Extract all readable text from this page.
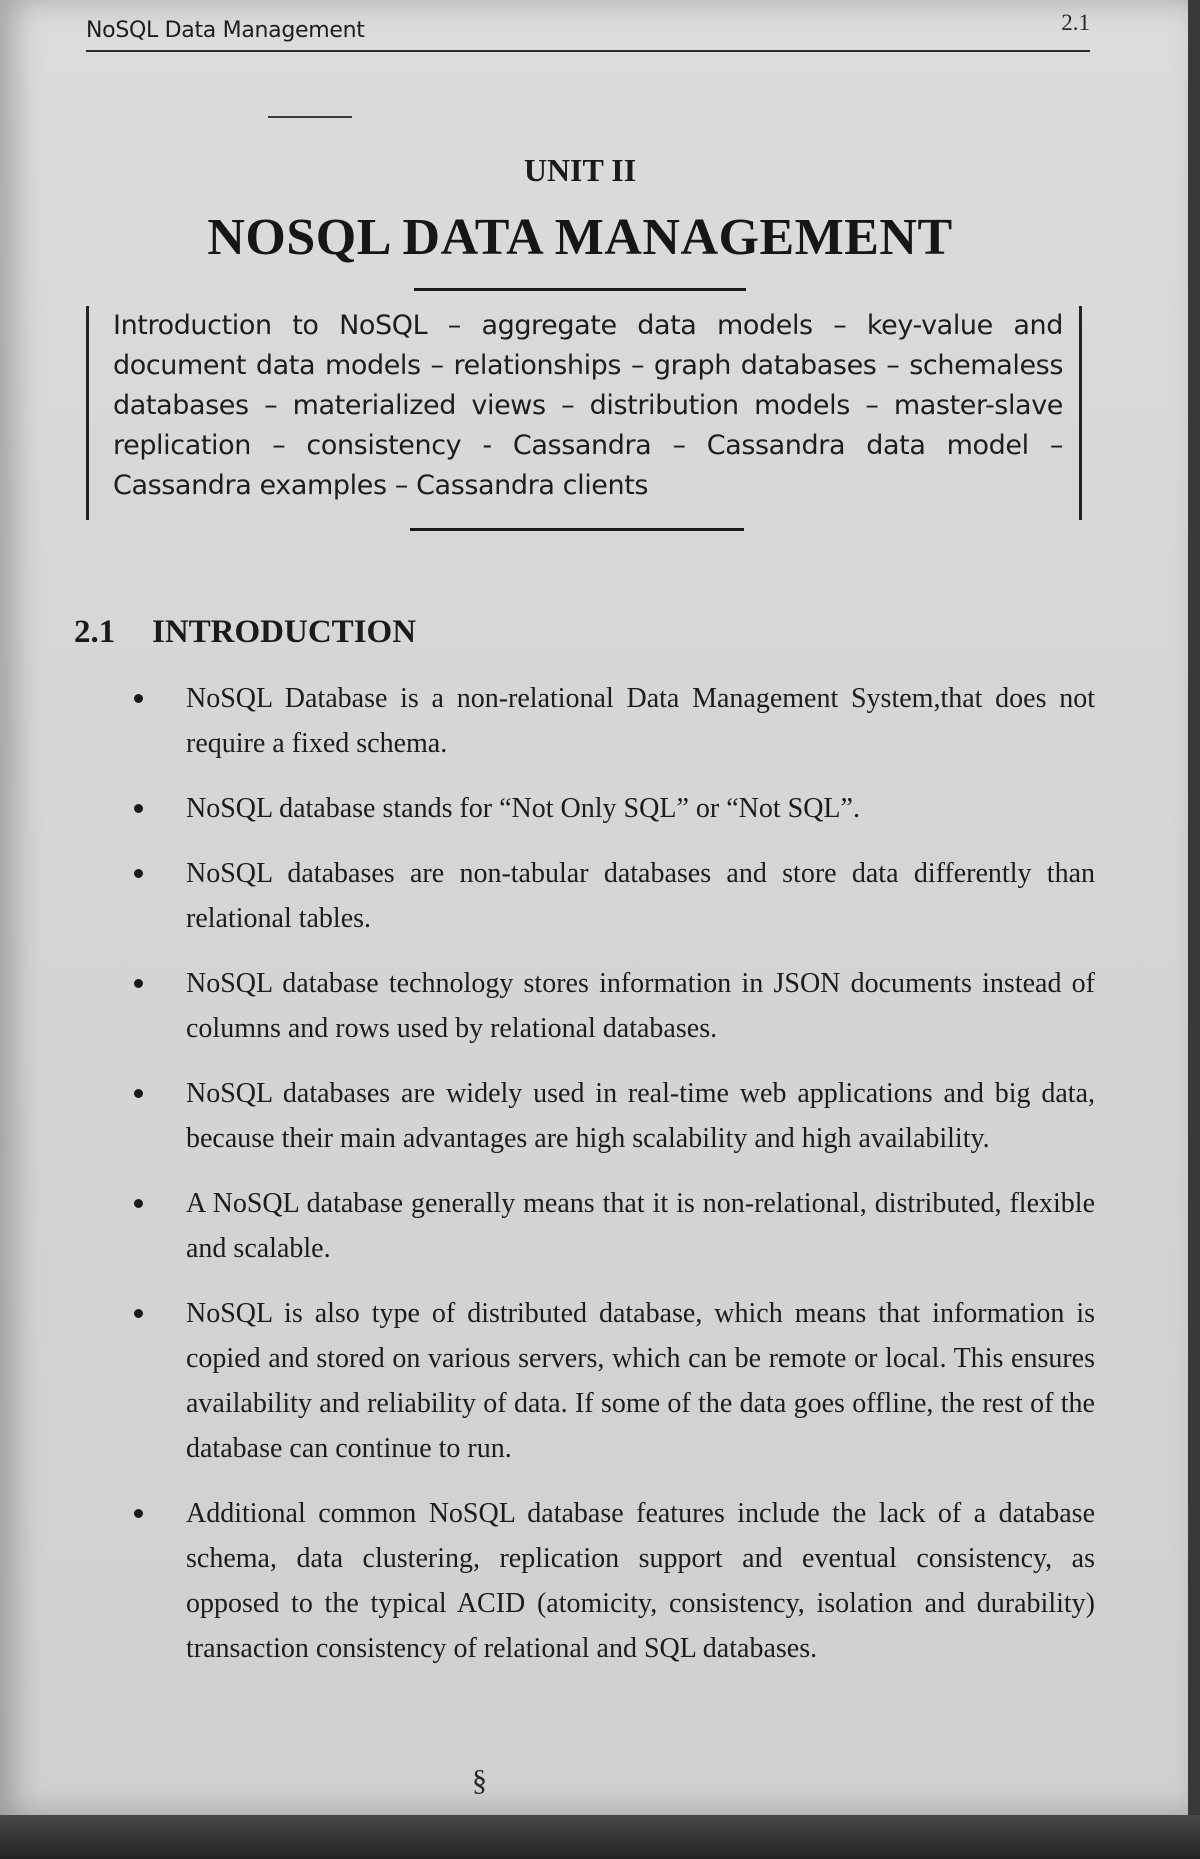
NoSQL Data Management	2.1
UNIT II
NOSQL DATA MANAGEMENT
Introduction to NoSQL – aggregate data models – key-value and document data models – relationships – graph databases – schemaless databases – materialized views – distribution models – master-slave replication – consistency - Cassandra – Cassandra data model – Cassandra examples – Cassandra clients
2.1 INTRODUCTION
NoSQL Database is a non-relational Data Management System,that does not require a fixed schema.
NoSQL database stands for “Not Only SQL” or “Not SQL”.
NoSQL databases are non-tabular databases and store data differently than relational tables.
NoSQL database technology stores information in JSON documents instead of columns and rows used by relational databases.
NoSQL databases are widely used in real-time web applications and big data, because their main advantages are high scalability and high availability.
A NoSQL database generally means that it is non-relational, distributed, flexible and scalable.
NoSQL is also type of distributed database, which means that information is copied and stored on various servers, which can be remote or local. This ensures availability and reliability of data. If some of the data goes offline, the rest of the database can continue to run.
Additional common NoSQL database features include the lack of a database schema, data clustering, replication support and eventual consistency, as opposed to the typical ACID (atomicity, consistency, isolation and durability) transaction consistency of relational and SQL databases.
§
